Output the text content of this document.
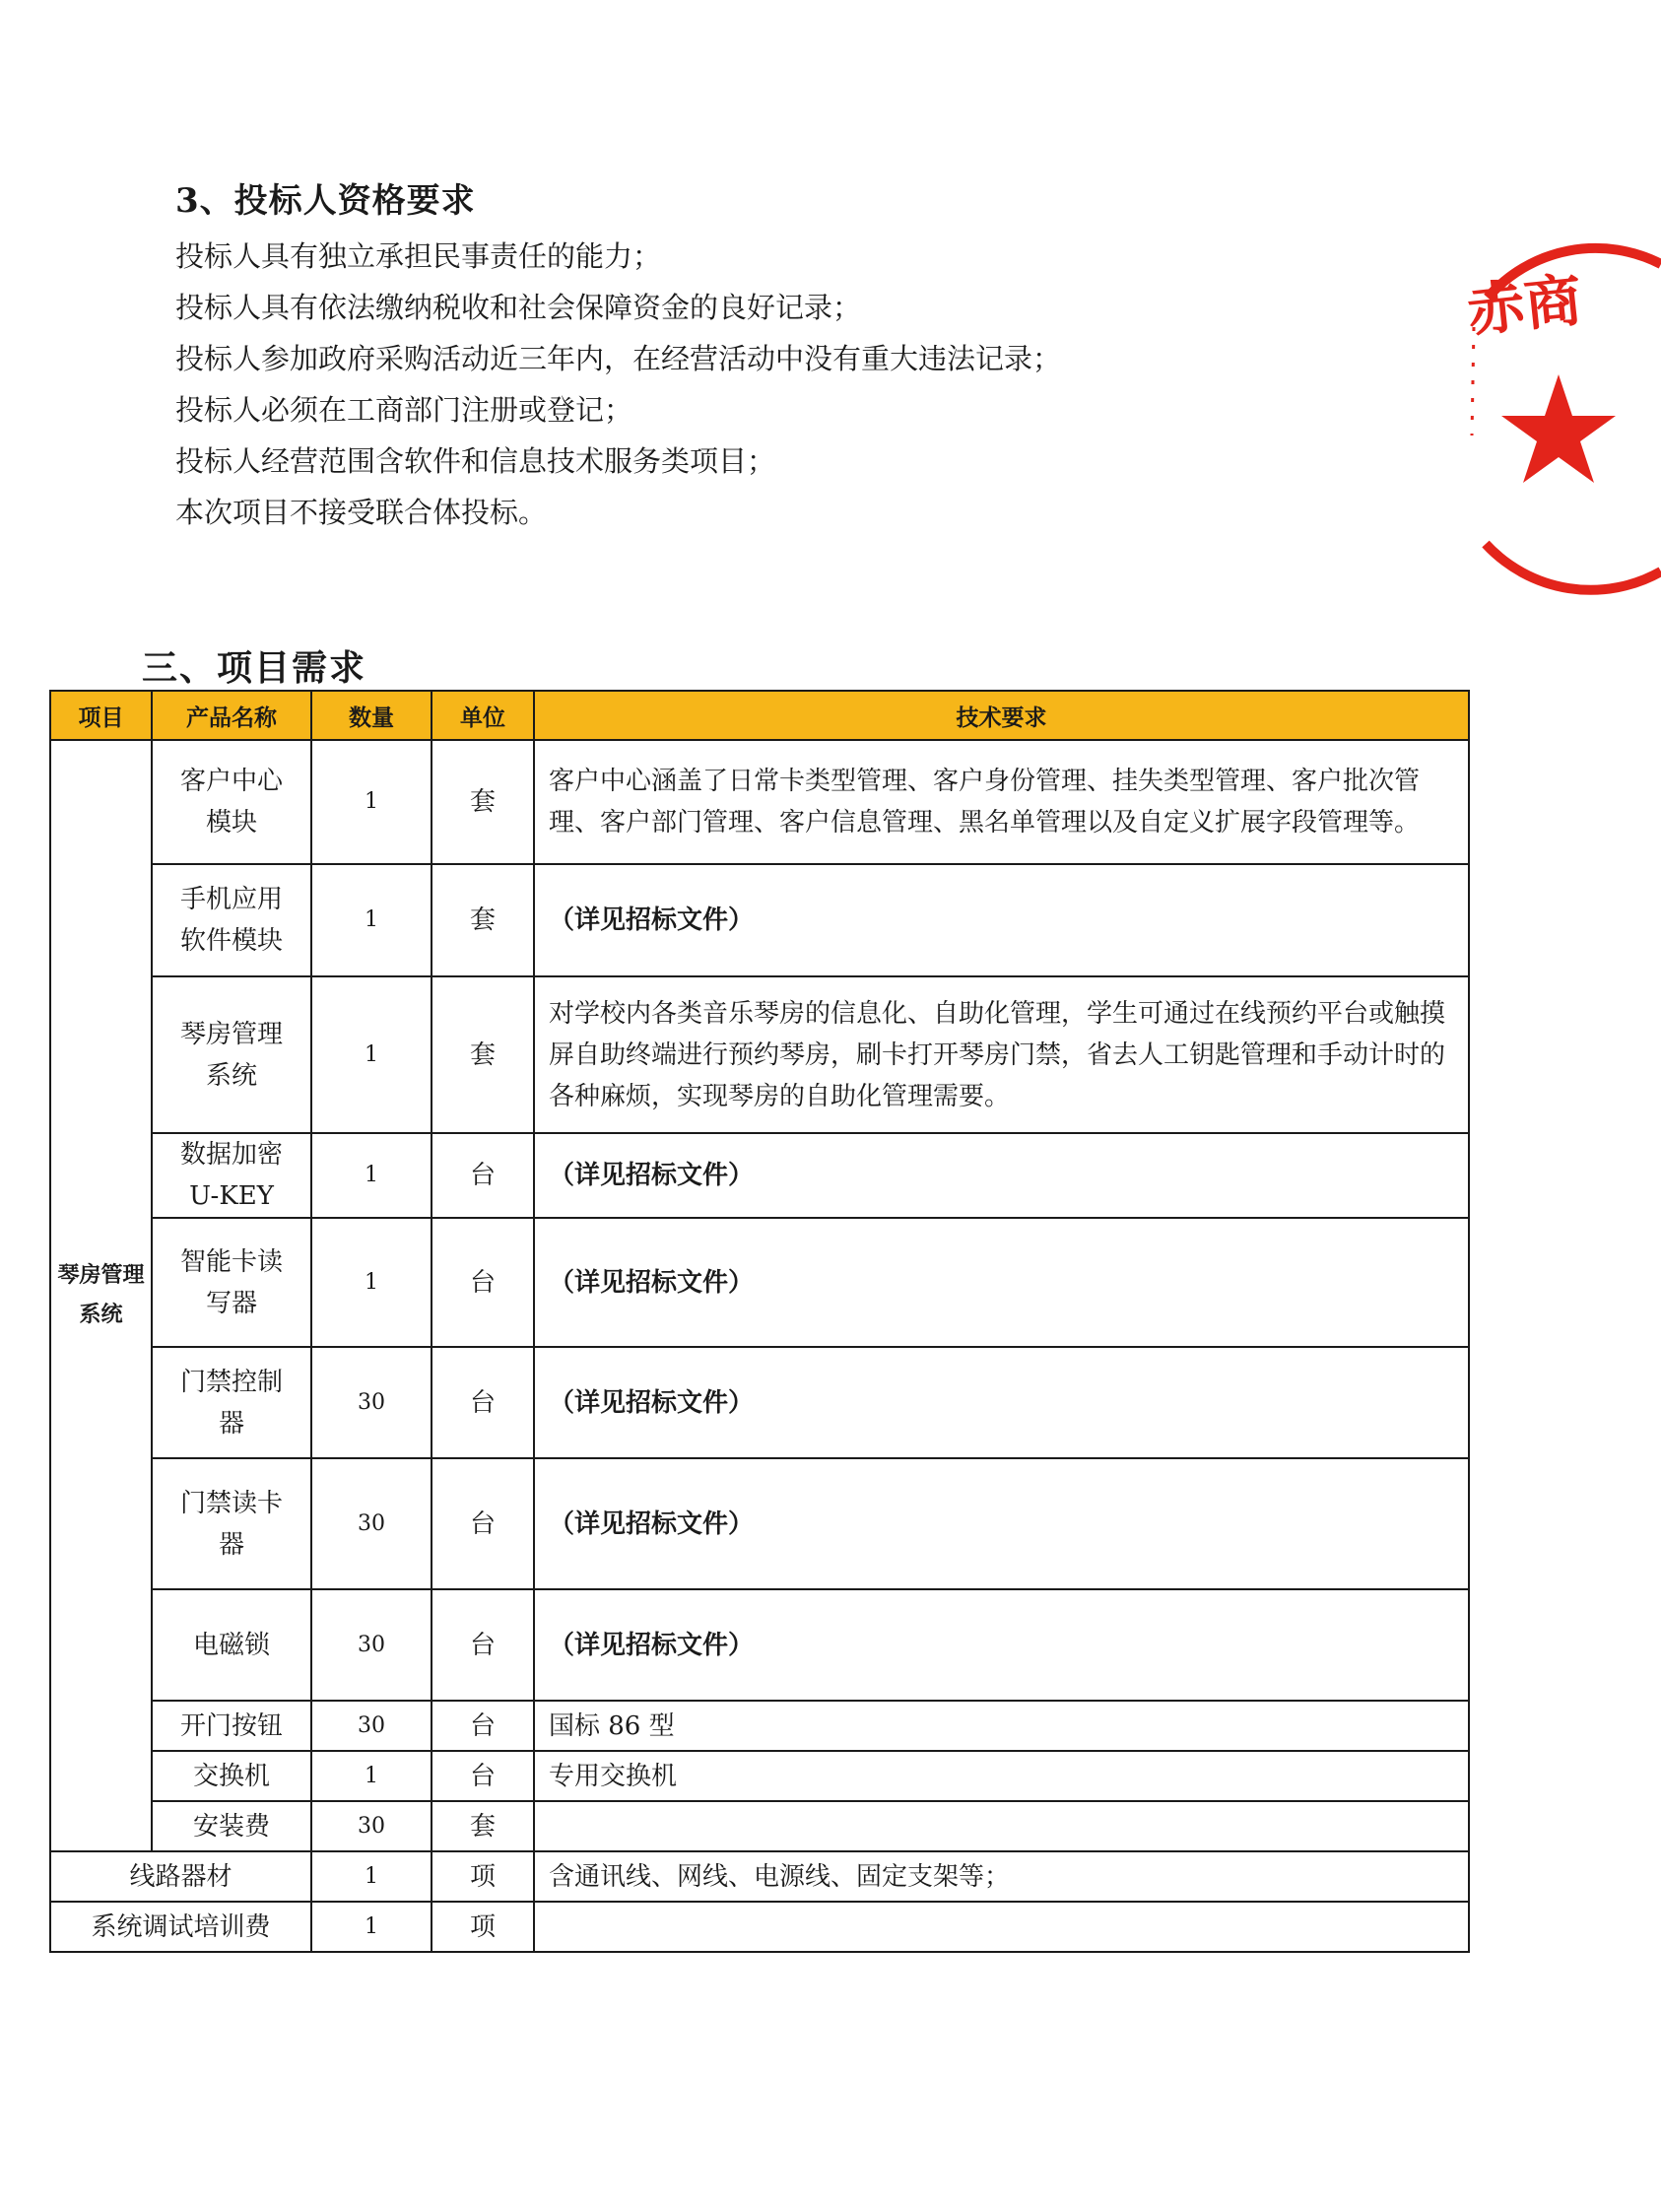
3、投标人资格要求
投标人具有独立承担民事责任的能力；
投标人具有依法缴纳税收和社会保障资金的良好记录；
投标人参加政府采购活动近三年内，在经营活动中没有重大违法记录；
投标人必须在工商部门注册或登记；
投标人经营范围含软件和信息技术服务类项目；
本次项目不接受联合体投标。
赤商
三、项目需求
项目	产品名称	数量	单位	技术要求
琴房管理系统	客户中心模块	1	套	客户中心涵盖了日常卡类型管理、客户身份管理、挂失类型管理、客户批次管理、客户部门管理、客户信息管理、黑名单管理以及自定义扩展字段管理等。
	手机应用软件模块	1	套	（详见招标文件）
	琴房管理系统	1	套	对学校内各类音乐琴房的信息化、自助化管理，学生可通过在线预约平台或触摸屏自助终端进行预约琴房，刷卡打开琴房门禁，省去人工钥匙管理和手动计时的各种麻烦，实现琴房的自助化管理需要。
	数据加密U-KEY	1	台	（详见招标文件）
	智能卡读写器	1	台	（详见招标文件）
	门禁控制器	30	台	（详见招标文件）
	门禁读卡器	30	台	（详见招标文件）
	电磁锁	30	台	（详见招标文件）
	开门按钮	30	台	国标 86 型
	交换机	1	台	专用交换机
	安装费	30	套	
线路器材		1	项	含通讯线、网线、电源线、固定支架等；
系统调试培训费		1	项	
